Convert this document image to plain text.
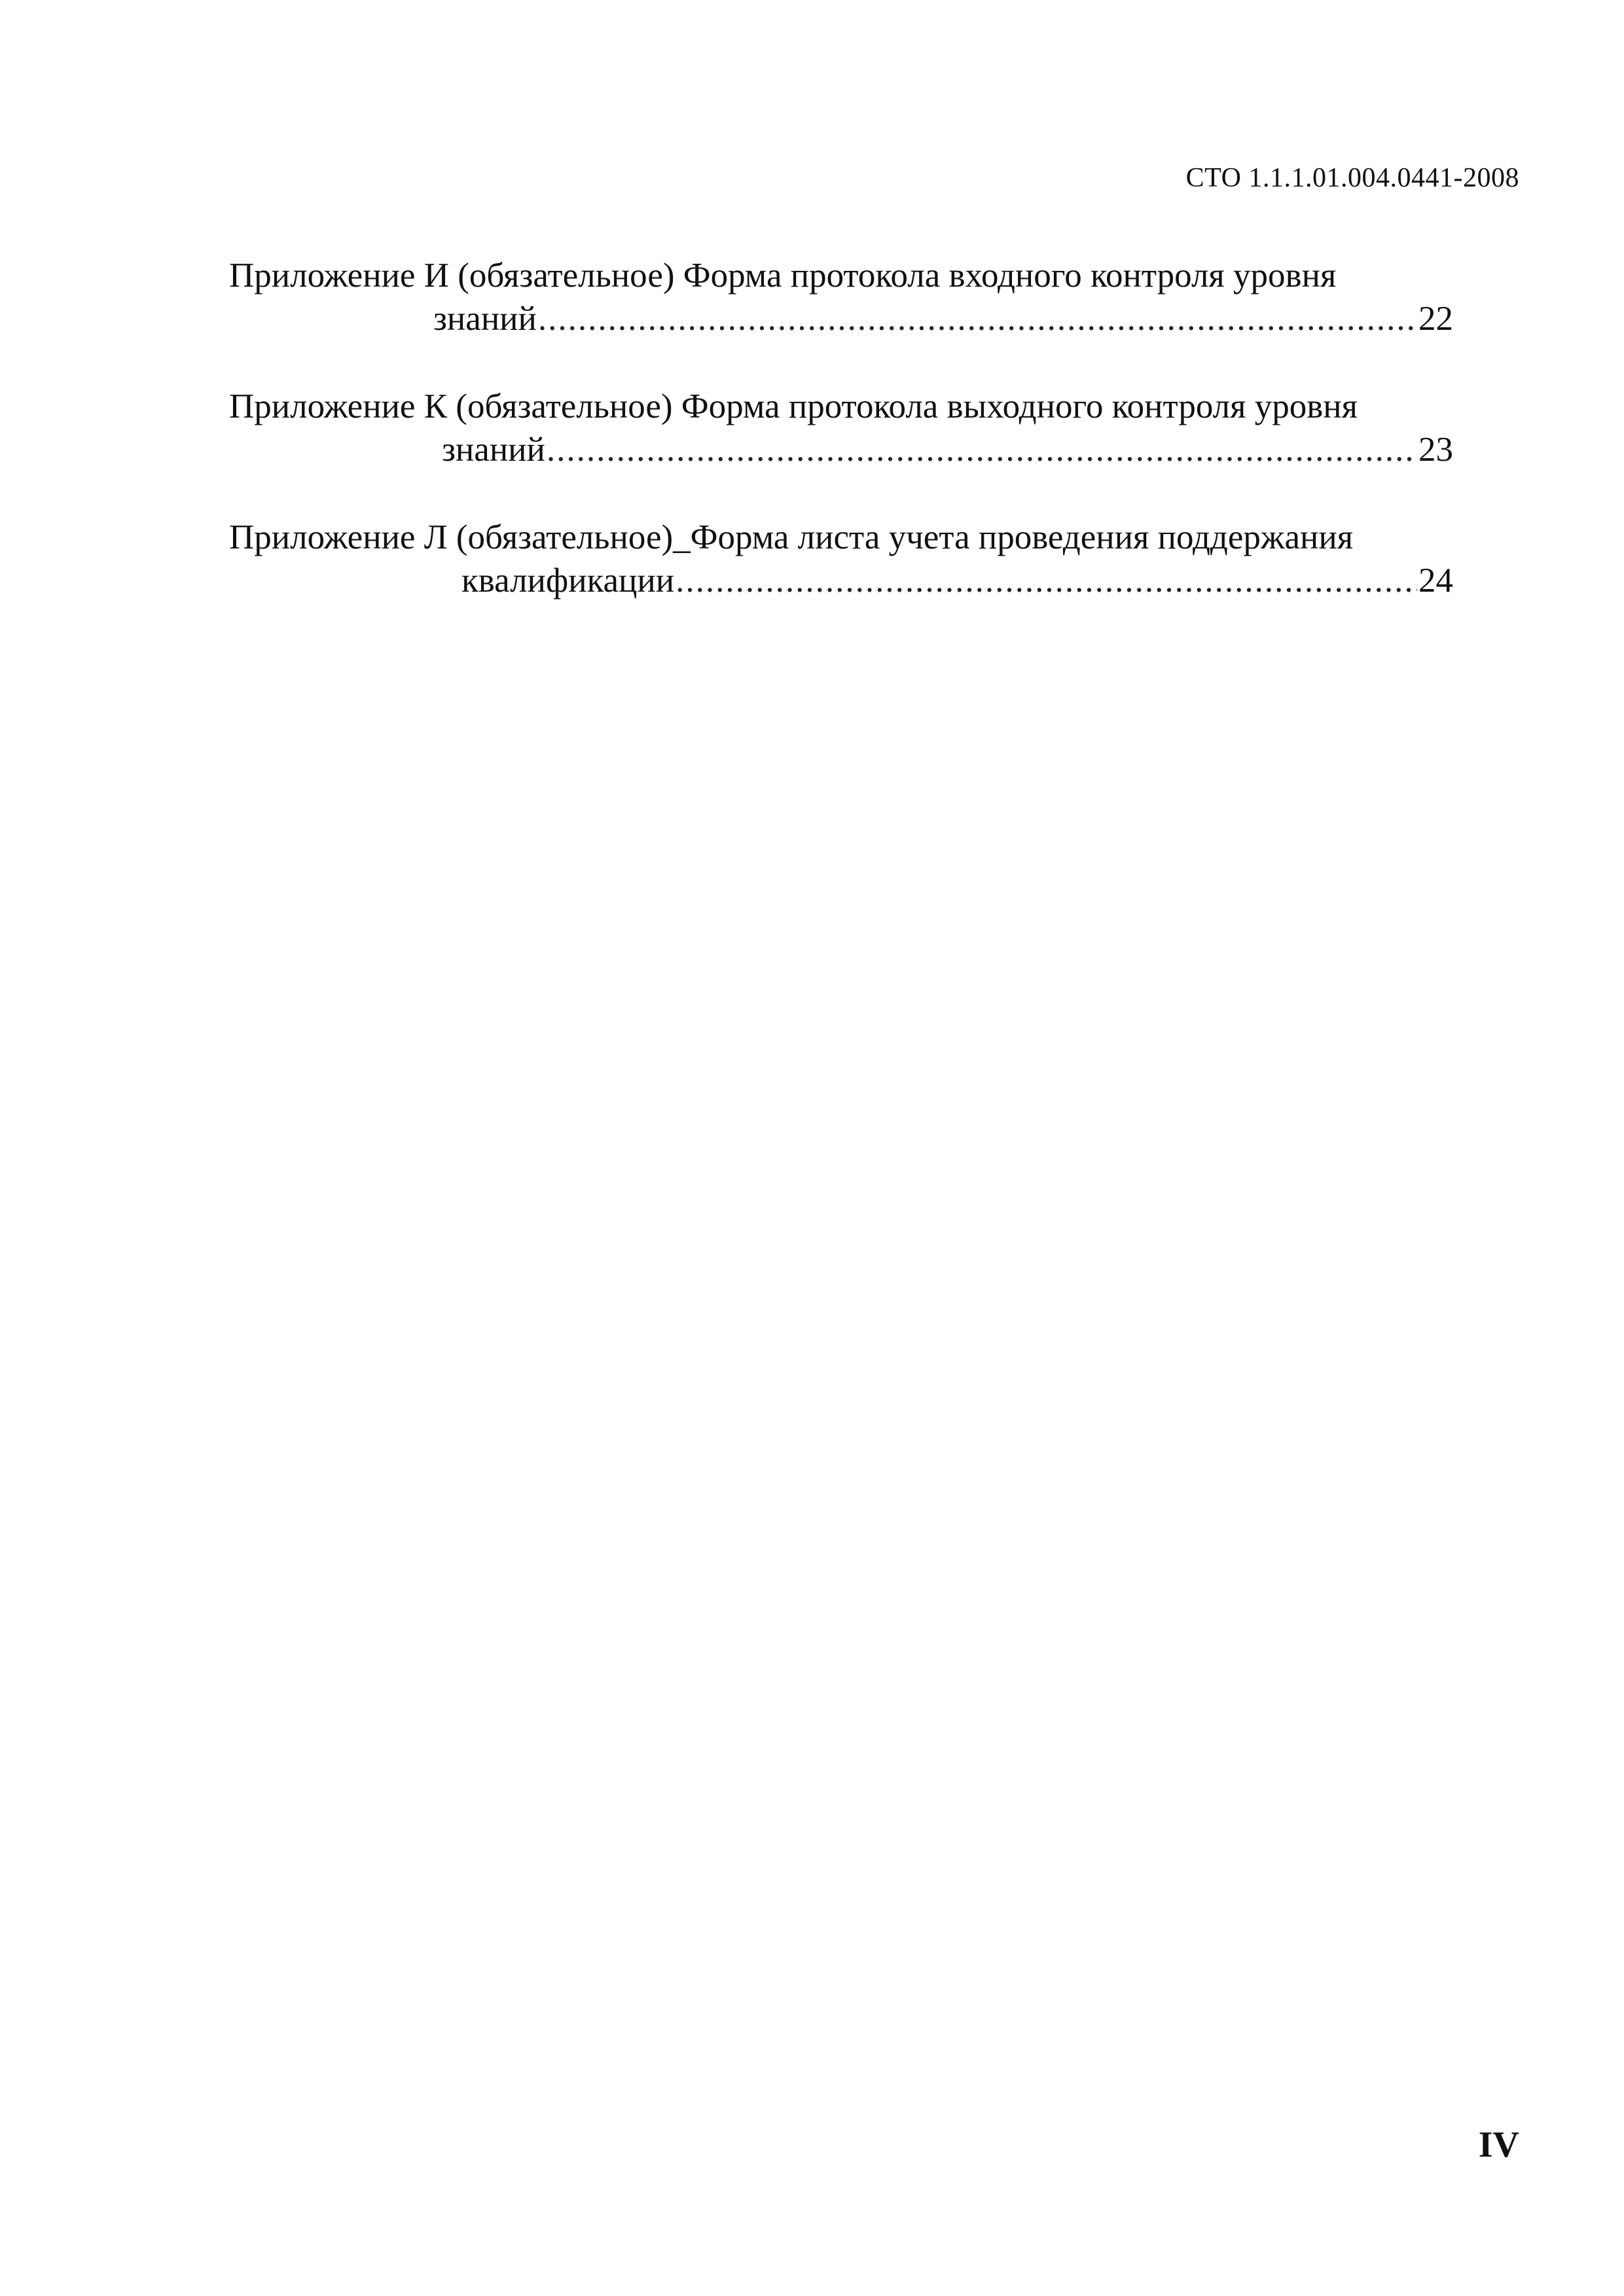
СТО 1.1.1.01.004.0441-2008
Приложение И (обязательное) Форма протокола входного контроля уровня
знаний .....	22
Приложение К (обязательное) Форма протокола выходного контроля уровня
знаний .....	23
Приложение Л (обязательное)_Форма листа учета проведения поддержания
квалификации .....	24
IV
